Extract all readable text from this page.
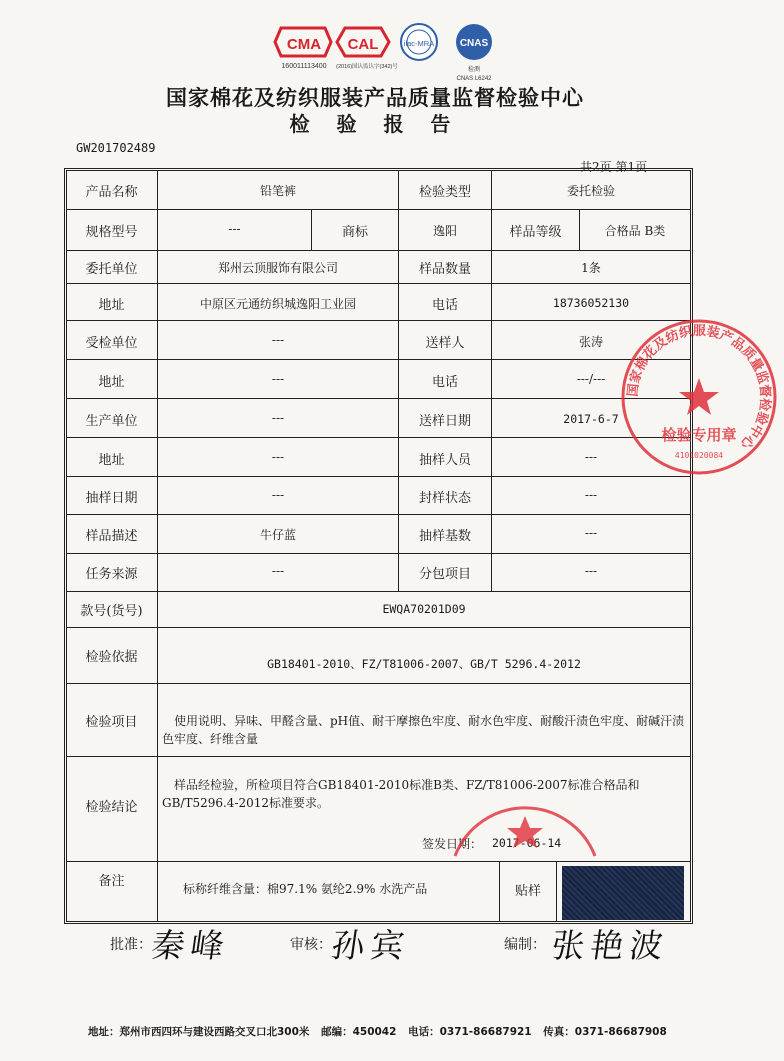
CMA
160011113400
CAL
(2016)国认监认字(342)号
ilac-MRA	CNAS
检测
CNAS L6242
国家棉花及纺织服装产品质量监督检验中心
检 验 报 告
GW201702489
共2页 第1页
产品名称	铅笔裤	检验类型	委托检验
规格型号	---	商标	逸阳	样品等级	合格品 B类
委托单位	郑州云顶服饰有限公司	样品数量	1条
地址	中原区元通纺织城逸阳工业园	电话	18736052130
受检单位	---	送样人	张涛
地址	---	电话	---/---
生产单位	---	送样日期	2017-6-7
地址	---	抽样人员	---
抽样日期	---	封样状态	---
样品描述	牛仔蓝	抽样基数	---
任务来源	---	分包项目	---
款号(货号)	EWQA70201D09
检验依据	GB18401-2010、FZ/T81006-2007、GB/T 5296.4-2012
检验项目	使用说明、异味、甲醛含量、pH值、耐干摩擦色牢度、耐水色牢度、耐酸汗渍色牢度、耐碱汗渍色牢度、纤维含量
检验结论
样品经检验，所检项目符合GB18401-2010标准B类、FZ/T81006-2007标准合格品和GB/T5296.4-2012标准要求。
签发日期： 2017-06-14
备注	标称纤维含量：棉97.1% 氨纶2.9% 水洗产品	贴样
国家棉花及纺织服装产品质量监督检验中心
检验专用章
4101020084
批准：
秦峰	审核：
孙宾	编制： 张艳波
地址：郑州市西四环与建设西路交叉口北300米 邮编：450042 电话：0371-86687921 传真：0371-86687908
